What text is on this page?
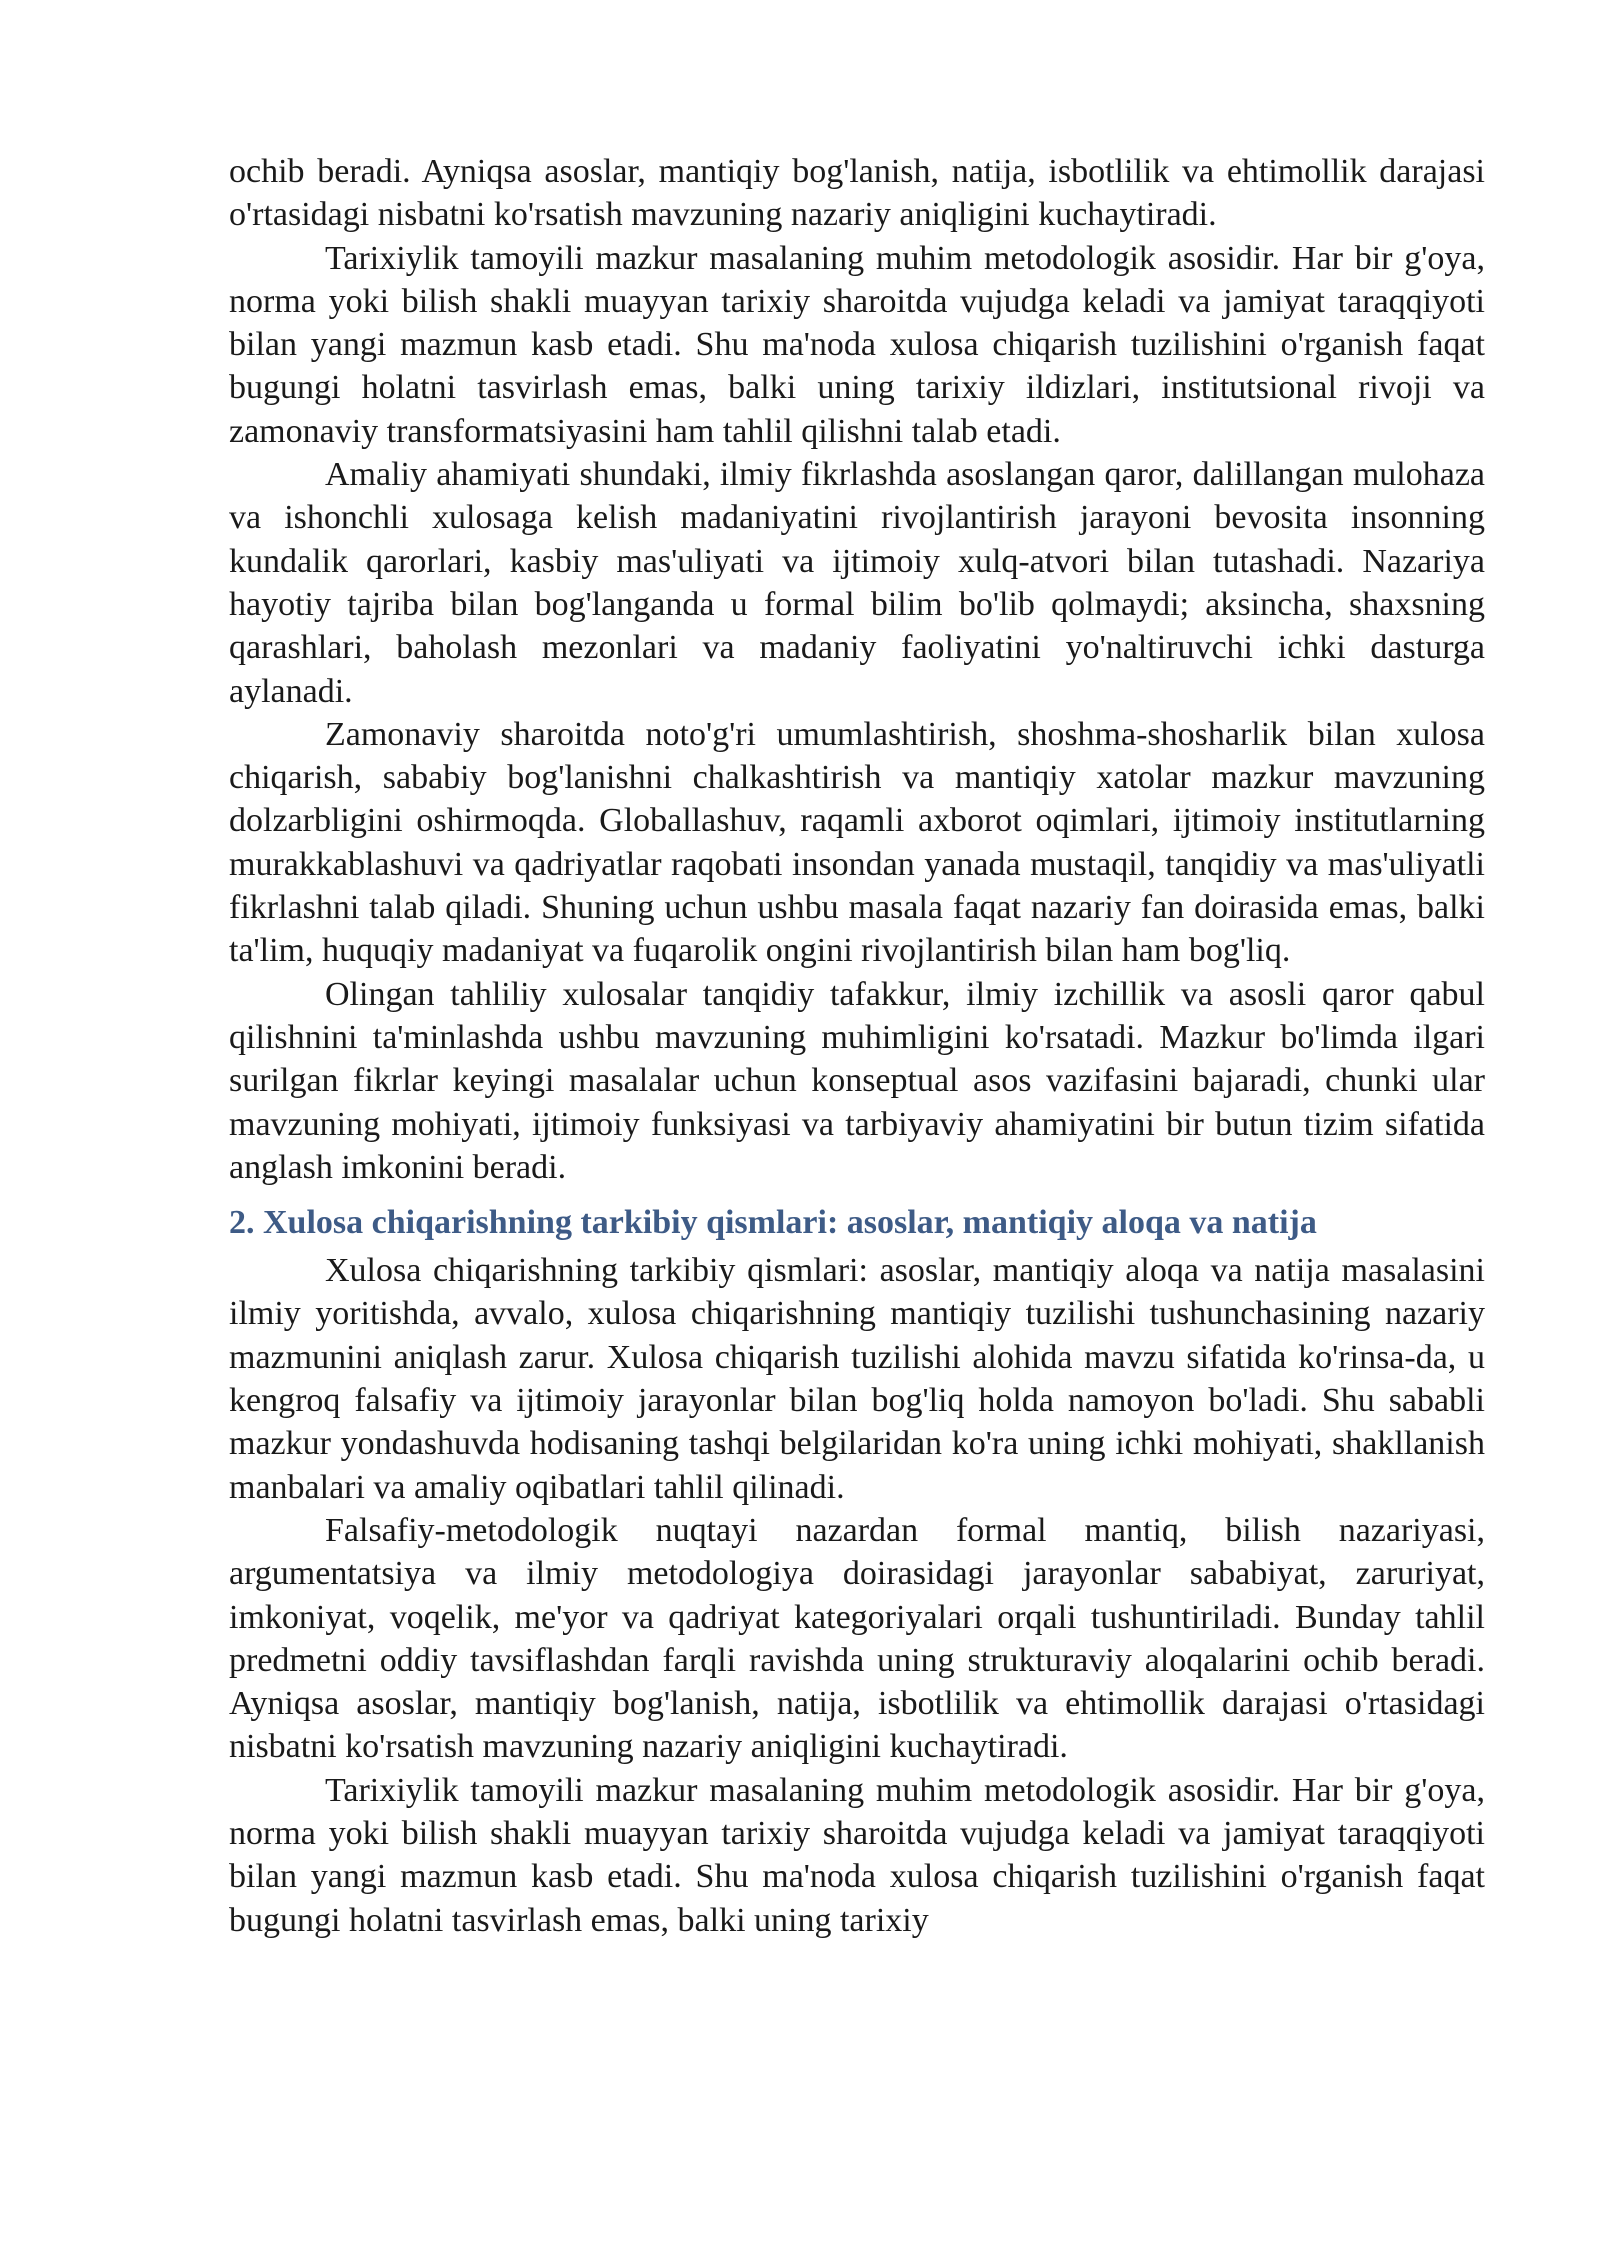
ochib beradi. Ayniqsa asoslar, mantiqiy bog'lanish, natija, isbotlilik va ehtimollik darajasi o'rtasidagi nisbatni ko'rsatish mavzuning nazariy aniqligini kuchaytiradi.

Tarixiylik tamoyili mazkur masalaning muhim metodologik asosidir. Har bir g'oya, norma yoki bilish shakli muayyan tarixiy sharoitda vujudga keladi va jamiyat taraqqiyoti bilan yangi mazmun kasb etadi. Shu ma'noda xulosa chiqarish tuzilishini o'rganish faqat bugungi holatni tasvirlash emas, balki uning tarixiy ildizlari, institutsional rivoji va zamonaviy transformatsiyasini ham tahlil qilishni talab etadi.

Amaliy ahamiyati shundaki, ilmiy fikrlashda asoslangan qaror, dalillangan mulohaza va ishonchli xulosaga kelish madaniyatini rivojlantirish jarayoni bevosita insonning kundalik qarorlari, kasbiy mas'uliyati va ijtimoiy xulq-atvori bilan tutashadi. Nazariya hayotiy tajriba bilan bog'langanda u formal bilim bo'lib qolmaydi; aksincha, shaxsning qarashlari, baholash mezonlari va madaniy faoliyatini yo'naltiruvchi ichki dasturga aylanadi.

Zamonaviy sharoitda noto'g'ri umumlashtirish, shoshma-shosharlik bilan xulosa chiqarish, sababiy bog'lanishni chalkashtirish va mantiqiy xatolar mazkur mavzuning dolzarbligini oshirmoqda. Globallashuv, raqamli axborot oqimlari, ijtimoiy institutlarning murakkablashuvi va qadriyatlar raqobati insondan yanada mustaqil, tanqidiy va mas'uliyatli fikrlashni talab qiladi. Shuning uchun ushbu masala faqat nazariy fan doirasida emas, balki ta'lim, huquqiy madaniyat va fuqarolik ongini rivojlantirish bilan ham bog'liq.

Olingan tahliliy xulosalar tanqidiy tafakkur, ilmiy izchillik va asosli qaror qabul qilishnini ta'minlashda ushbu mavzuning muhimligini ko'rsatadi. Mazkur bo'limda ilgari surilgan fikrlar keyingi masalalar uchun konseptual asos vazifasini bajaradi, chunki ular mavzuning mohiyati, ijtimoiy funksiyasi va tarbiyaviy ahamiyatini bir butun tizim sifatida anglash imkonini beradi.

2. Xulosa chiqarishning tarkibiy qismlari: asoslar, mantiqiy aloqa va natija

Xulosa chiqarishning tarkibiy qismlari: asoslar, mantiqiy aloqa va natija masalasini ilmiy yoritishda, avvalo, xulosa chiqarishning mantiqiy tuzilishi tushunchasining nazariy mazmunini aniqlash zarur. Xulosa chiqarish tuzilishi alohida mavzu sifatida ko'rinsa-da, u kengroq falsafiy va ijtimoiy jarayonlar bilan bog'liq holda namoyon bo'ladi. Shu sababli mazkur yondashuvda hodisaning tashqi belgilaridan ko'ra uning ichki mohiyati, shakllanish manbalari va amaliy oqibatlari tahlil qilinadi.

Falsafiy-metodologik nuqtayi nazardan formal mantiq, bilish nazariyasi, argumentatsiya va ilmiy metodologiya doirasidagi jarayonlar sababiyat, zaruriyat, imkoniyat, voqelik, me'yor va qadriyat kategoriyalari orqali tushuntiriladi. Bunday tahlil predmetni oddiy tavsiflashdan farqli ravishda uning strukturaviy aloqalarini ochib beradi. Ayniqsa asoslar, mantiqiy bog'lanish, natija, isbotlilik va ehtimollik darajasi o'rtasidagi nisbatni ko'rsatish mavzuning nazariy aniqligini kuchaytiradi.

Tarixiylik tamoyili mazkur masalaning muhim metodologik asosidir. Har bir g'oya, norma yoki bilish shakli muayyan tarixiy sharoitda vujudga keladi va jamiyat taraqqiyoti bilan yangi mazmun kasb etadi. Shu ma'noda xulosa chiqarish tuzilishini o'rganish faqat bugungi holatni tasvirlash emas, balki uning tarixiy
